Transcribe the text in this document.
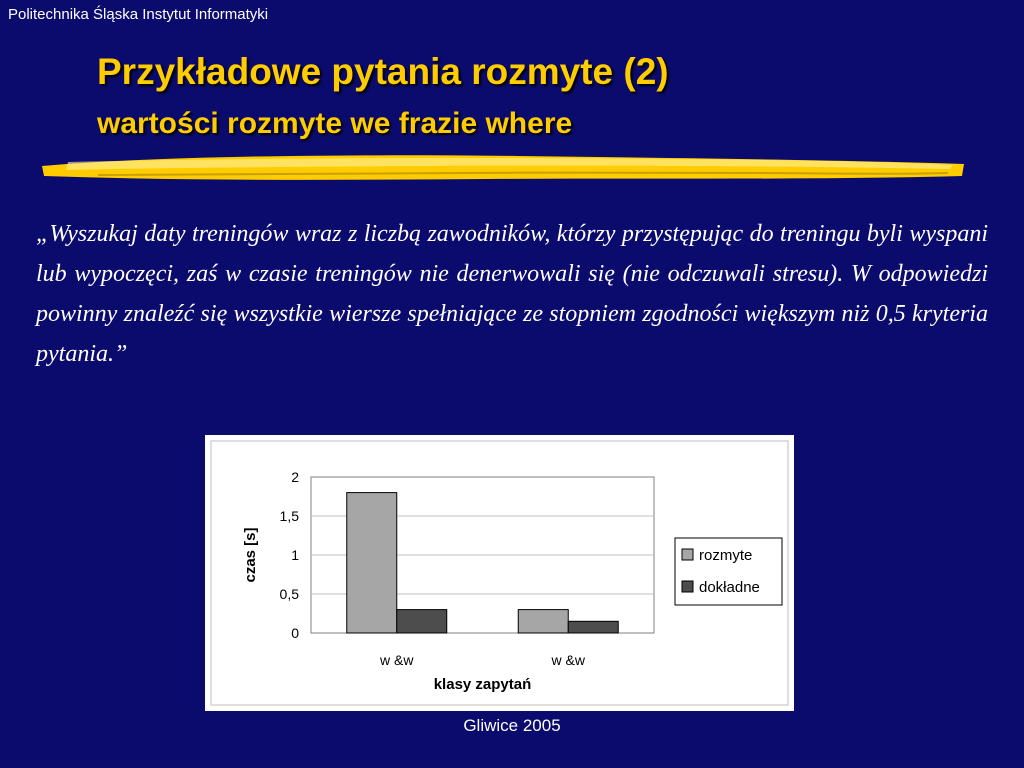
Politechnika Śląska Instytut Informatyki
Przykładowe pytania rozmyte (2)
wartości rozmyte we frazie where
„Wyszukaj daty treningów wraz z liczbą zawodników, którzy przystępując do treningu byli wyspani lub wypoczęci, zaś w czasie treningów nie denerwowali się (nie odczuwali stresu). W odpowiedzi powinny znaleźć się wszystkie wiersze spełniające ze stopniem zgodności większym niż 0,5 kryteria pytania.”
0
0,5
1
1,5
2
w &w	w &w
klasy zapytań
czas [s]	rozmyte
dokładne
Gliwice 2005
